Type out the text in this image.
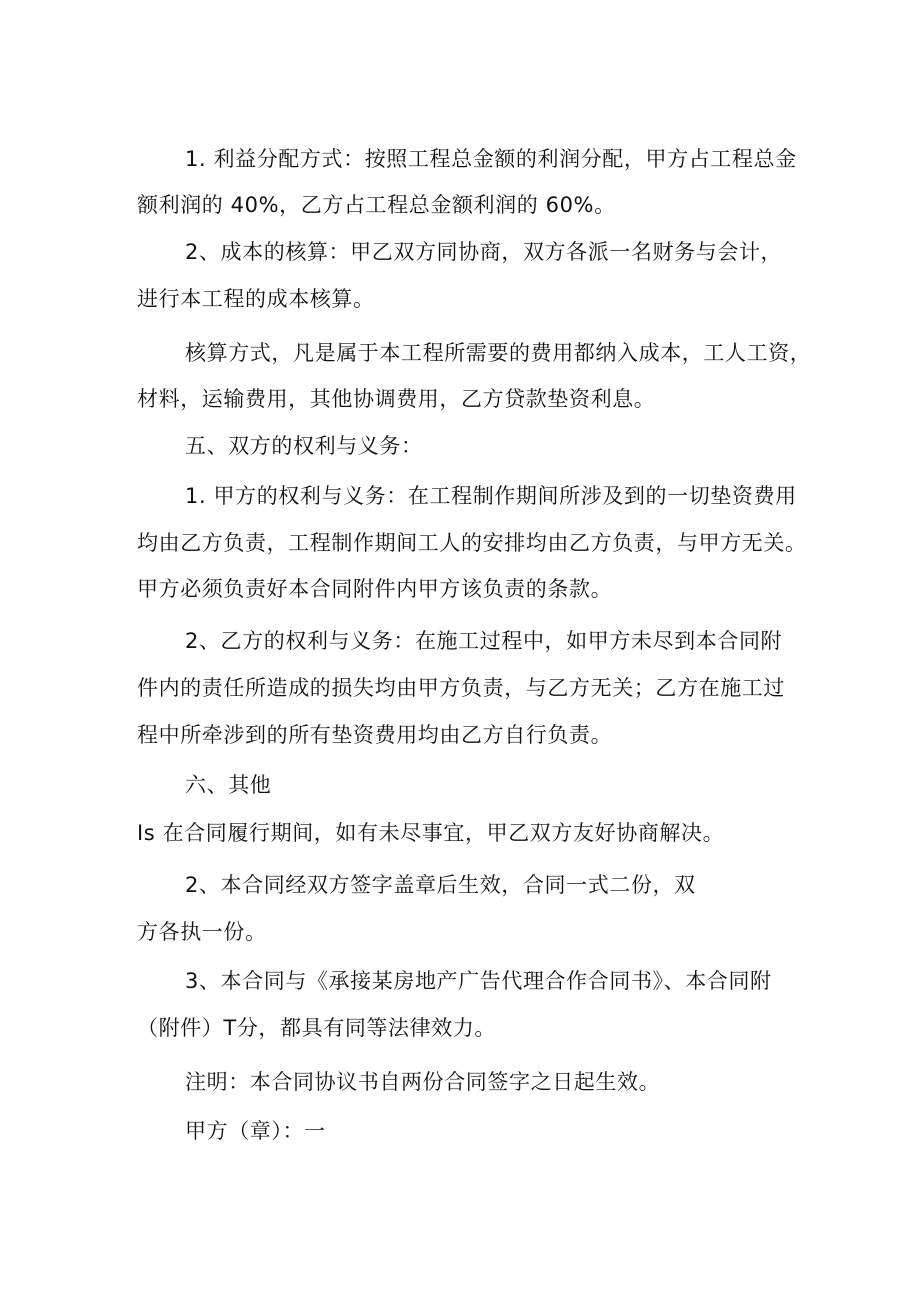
1. 利益分配方式：按照工程总金额的利润分配，甲方占工程总金
额利润的 40%，乙方占工程总金额利润的 60%。
2、成本的核算：甲乙双方同协商，双方各派一名财务与会计，
进行本工程的成本核算。
核算方式，凡是属于本工程所需要的费用都纳入成本，工人工资，
材料，运输费用，其他协调费用，乙方贷款垫资利息。
五、双方的权利与义务：
1. 甲方的权利与义务：在工程制作期间所涉及到的一切垫资费用
均由乙方负责，工程制作期间工人的安排均由乙方负责，与甲方无关。
甲方必须负责好本合同附件内甲方该负责的条款。
2、乙方的权利与义务：在施工过程中，如甲方未尽到本合同附
件内的责任所造成的损失均由甲方负责，与乙方无关；乙方在施工过
程中所牵涉到的所有垫资费用均由乙方自行负责。
六、其他
Is 在合同履行期间，如有未尽事宜，甲乙双方友好协商解决。
2、本合同经双方签字盖章后生效，合同一式二份，双
方各执一份。
3、本合同与《承接某房地产广告代理合作合同书》、本合同附
（附件）T分，都具有同等法律效力。
注明：本合同协议书自两份合同签字之日起生效。
甲方（章）：一
